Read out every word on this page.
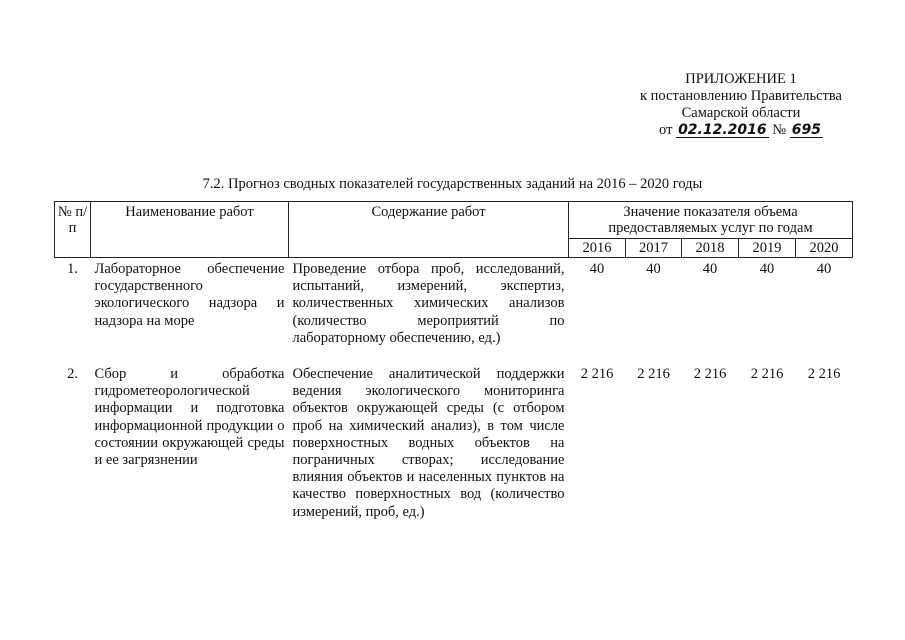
ПРИЛОЖЕНИЕ 1
к постановлению Правительства
Самарской области
от 02.12.2016 № 695
7.2. Прогноз сводных показателей государственных заданий на 2016 – 2020 годы
№ п/п	Наименование работ	Содержание работ	Значение показателя объема предоставляемых услуг по годам				
			2016	2017	2018	2019	2020
1.	Лабораторное обеспечение государственного экологического надзора и надзора на море	Проведение отбора проб, исследований, испытаний, измерений, экспертиз, количественных химических анализов (количество мероприятий по лабораторному обеспечению, ед.)	40	40	40	40	40
2.	Сбор и обработка гидрометеорологической информации и подготовка информационной продукции о состоянии окружающей среды и ее загрязнении	Обеспечение аналитической поддержки ведения экологического мониторинга объектов окружающей среды (с отбором проб на химический анализ), в том числе поверхностных водных объектов на пограничных створах; исследование влияния объектов и населенных пунктов на качество поверхностных вод (количество измерений, проб, ед.)	2 216	2 216	2 216	2 216	2 216
